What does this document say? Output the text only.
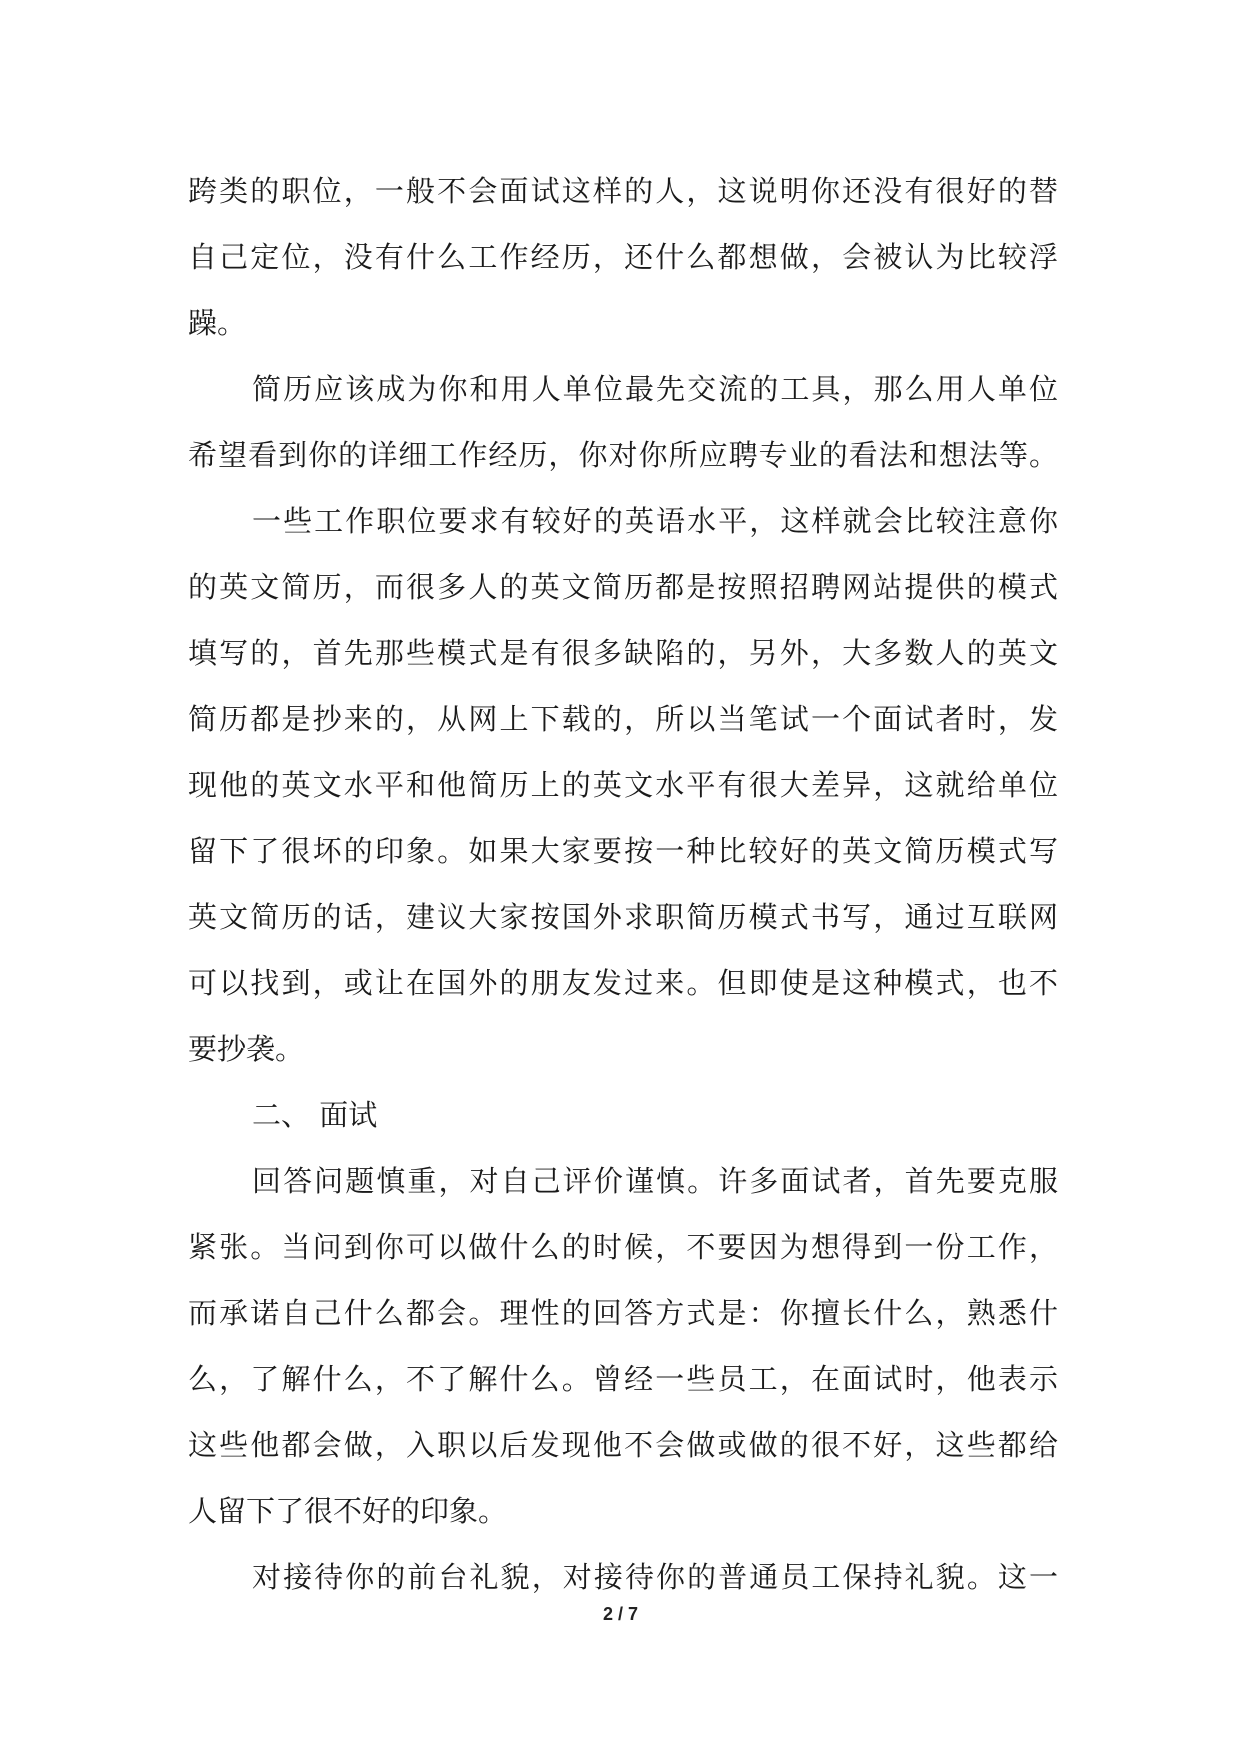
跨类的职位，一般不会面试这样的人，这说明你还没有很好的替
自己定位，没有什么工作经历，还什么都想做，会被认为比较浮
躁。
简历应该成为你和用人单位最先交流的工具，那么用人单位
希望看到你的详细工作经历，你对你所应聘专业的看法和想法等。
一些工作职位要求有较好的英语水平，这样就会比较注意你
的英文简历，而很多人的英文简历都是按照招聘网站提供的模式
填写的，首先那些模式是有很多缺陷的，另外，大多数人的英文
简历都是抄来的，从网上下载的，所以当笔试一个面试者时，发
现他的英文水平和他简历上的英文水平有很大差异，这就给单位
留下了很坏的印象。如果大家要按一种比较好的英文简历模式写
英文简历的话，建议大家按国外求职简历模式书写，通过互联网
可以找到，或让在国外的朋友发过来。但即使是这种模式，也不
要抄袭。
二、 面试
回答问题慎重，对自己评价谨慎。许多面试者，首先要克服
紧张。当问到你可以做什么的时候，不要因为想得到一份工作，
而承诺自己什么都会。理性的回答方式是：你擅长什么，熟悉什
么，了解什么，不了解什么。曾经一些员工，在面试时，他表示
这些他都会做，入职以后发现他不会做或做的很不好，这些都给
人留下了很不好的印象。
对接待你的前台礼貌，对接待你的普通员工保持礼貌。这一
2 / 7
